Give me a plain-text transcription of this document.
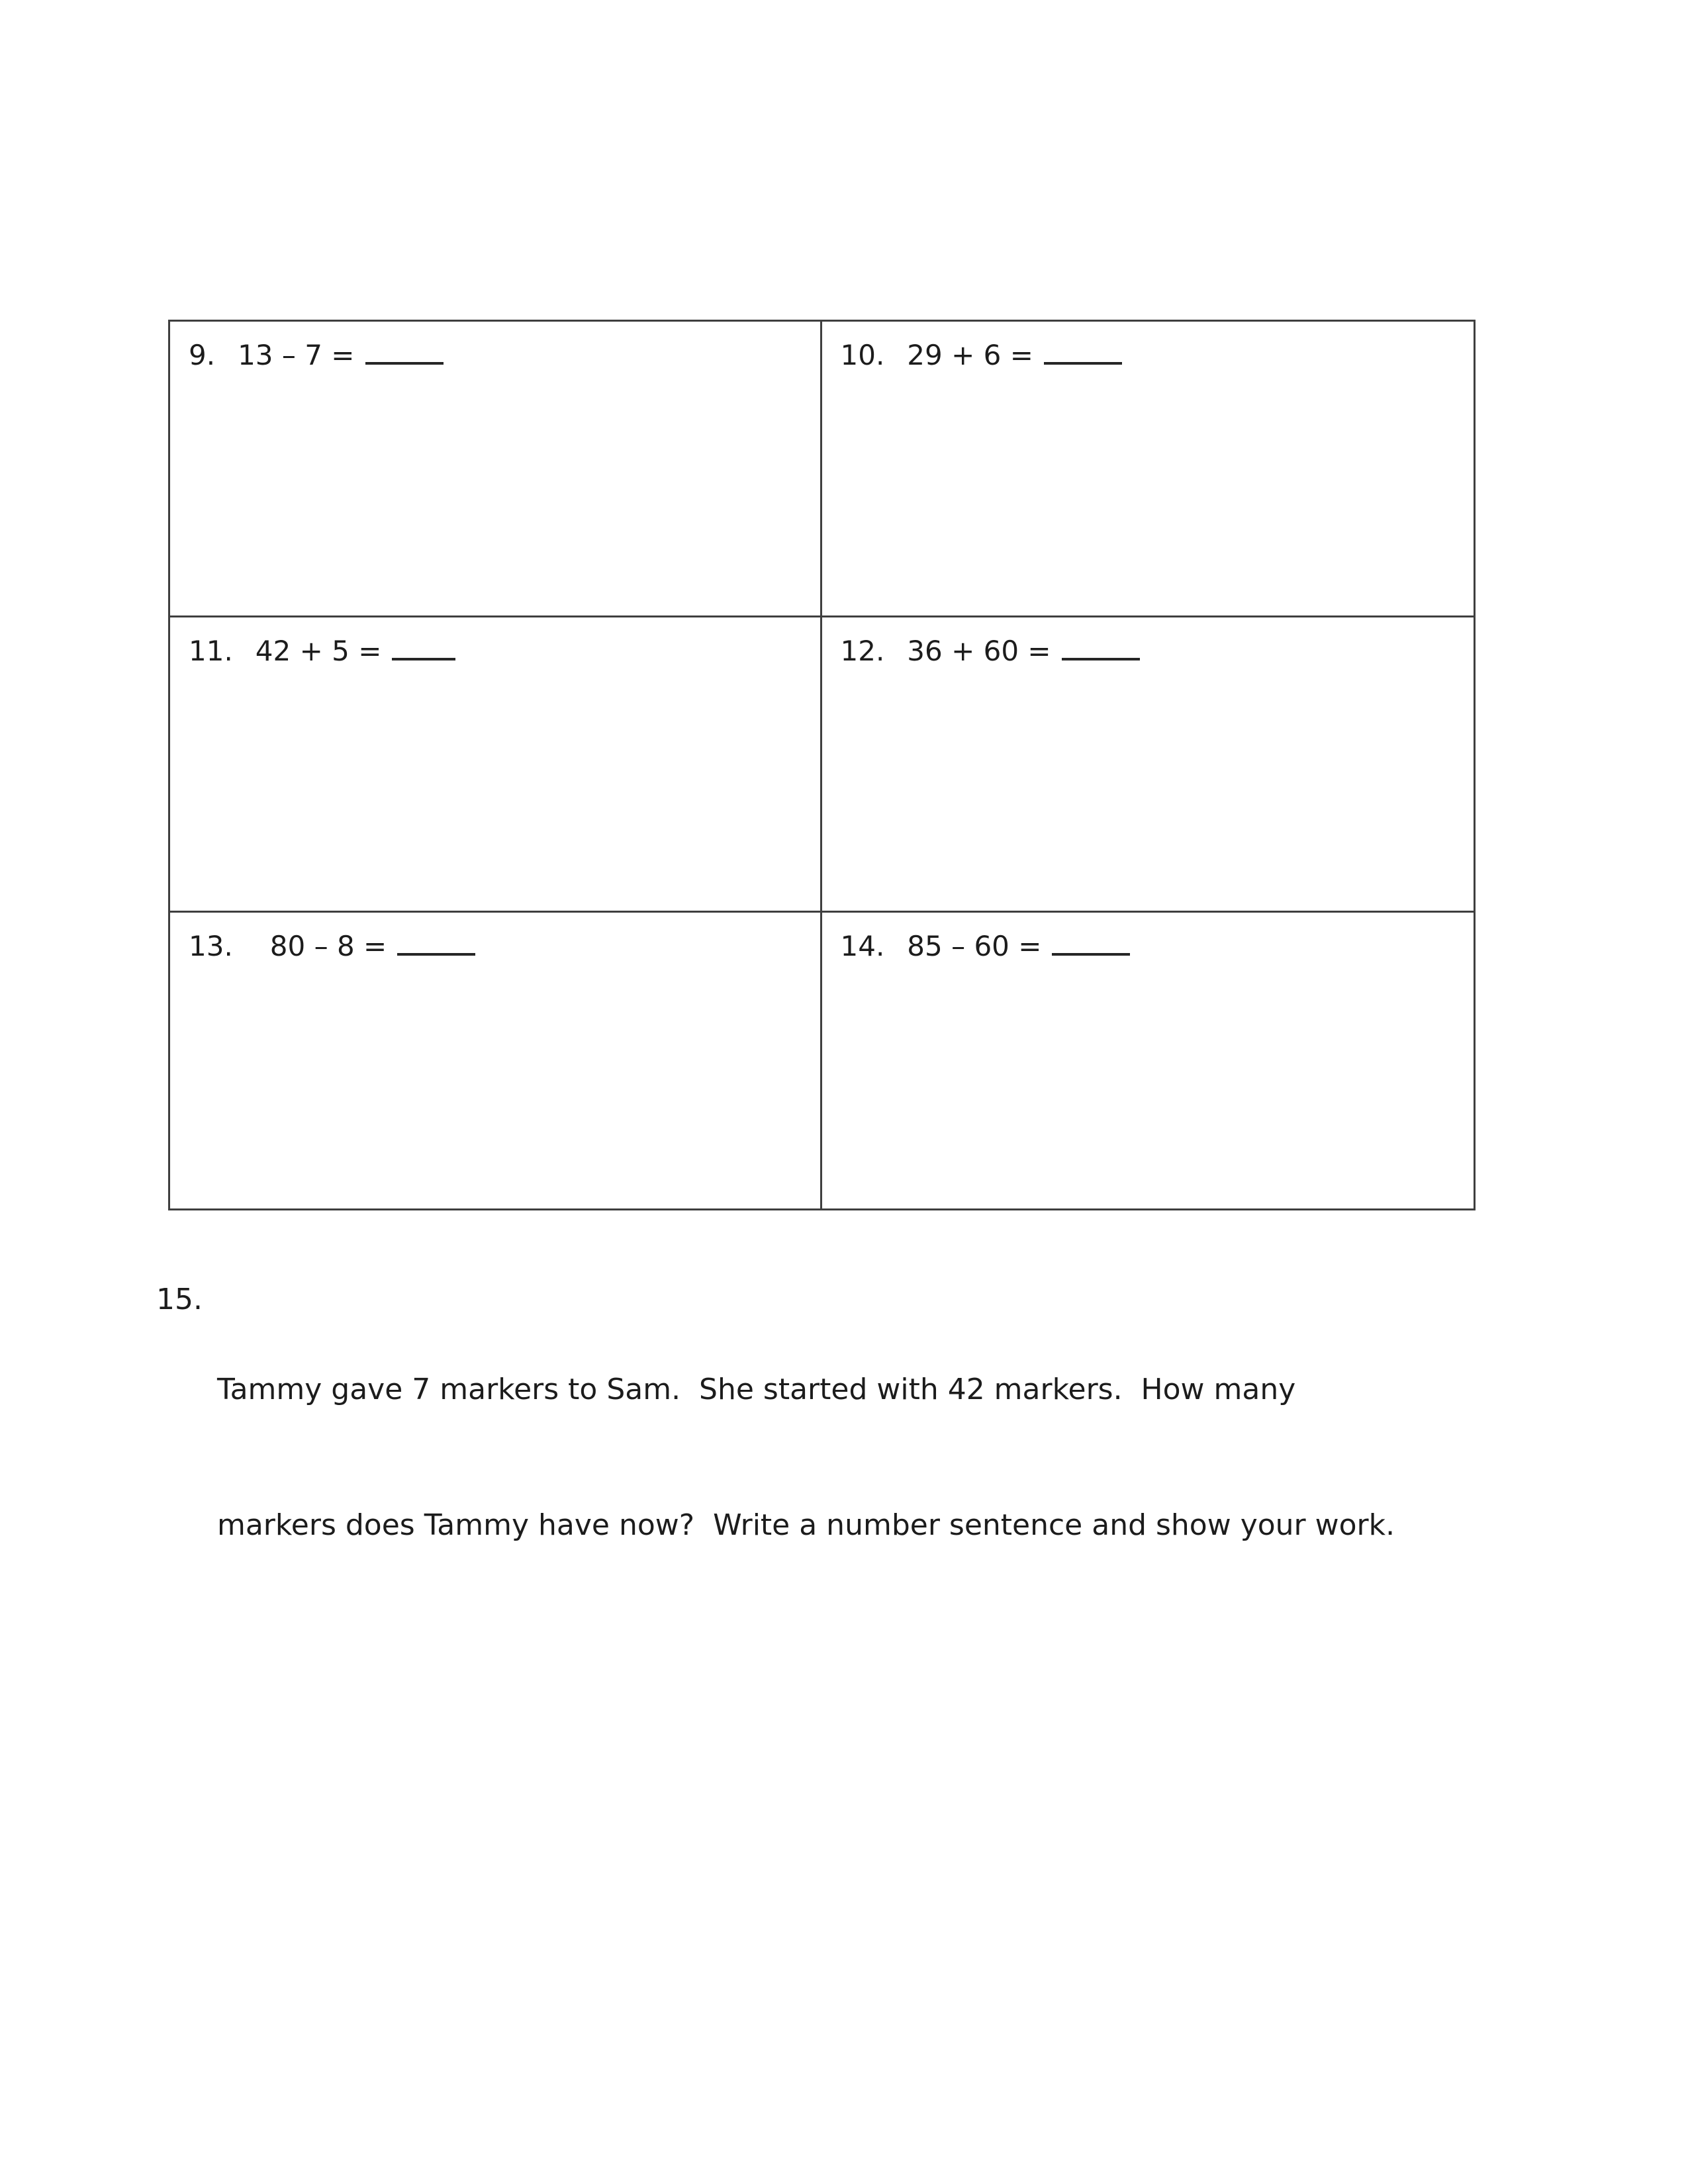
9. 13 – 7 =	10. 29 + 6 =
11. 42 + 5 =	12. 36 + 60 =
13. 80 – 8 =	14. 85 – 60 =
15.

Tammy gave 7 markers to Sam.  She started with 42 markers.  How many

markers does Tammy have now?  Write a number sentence and show your work.
